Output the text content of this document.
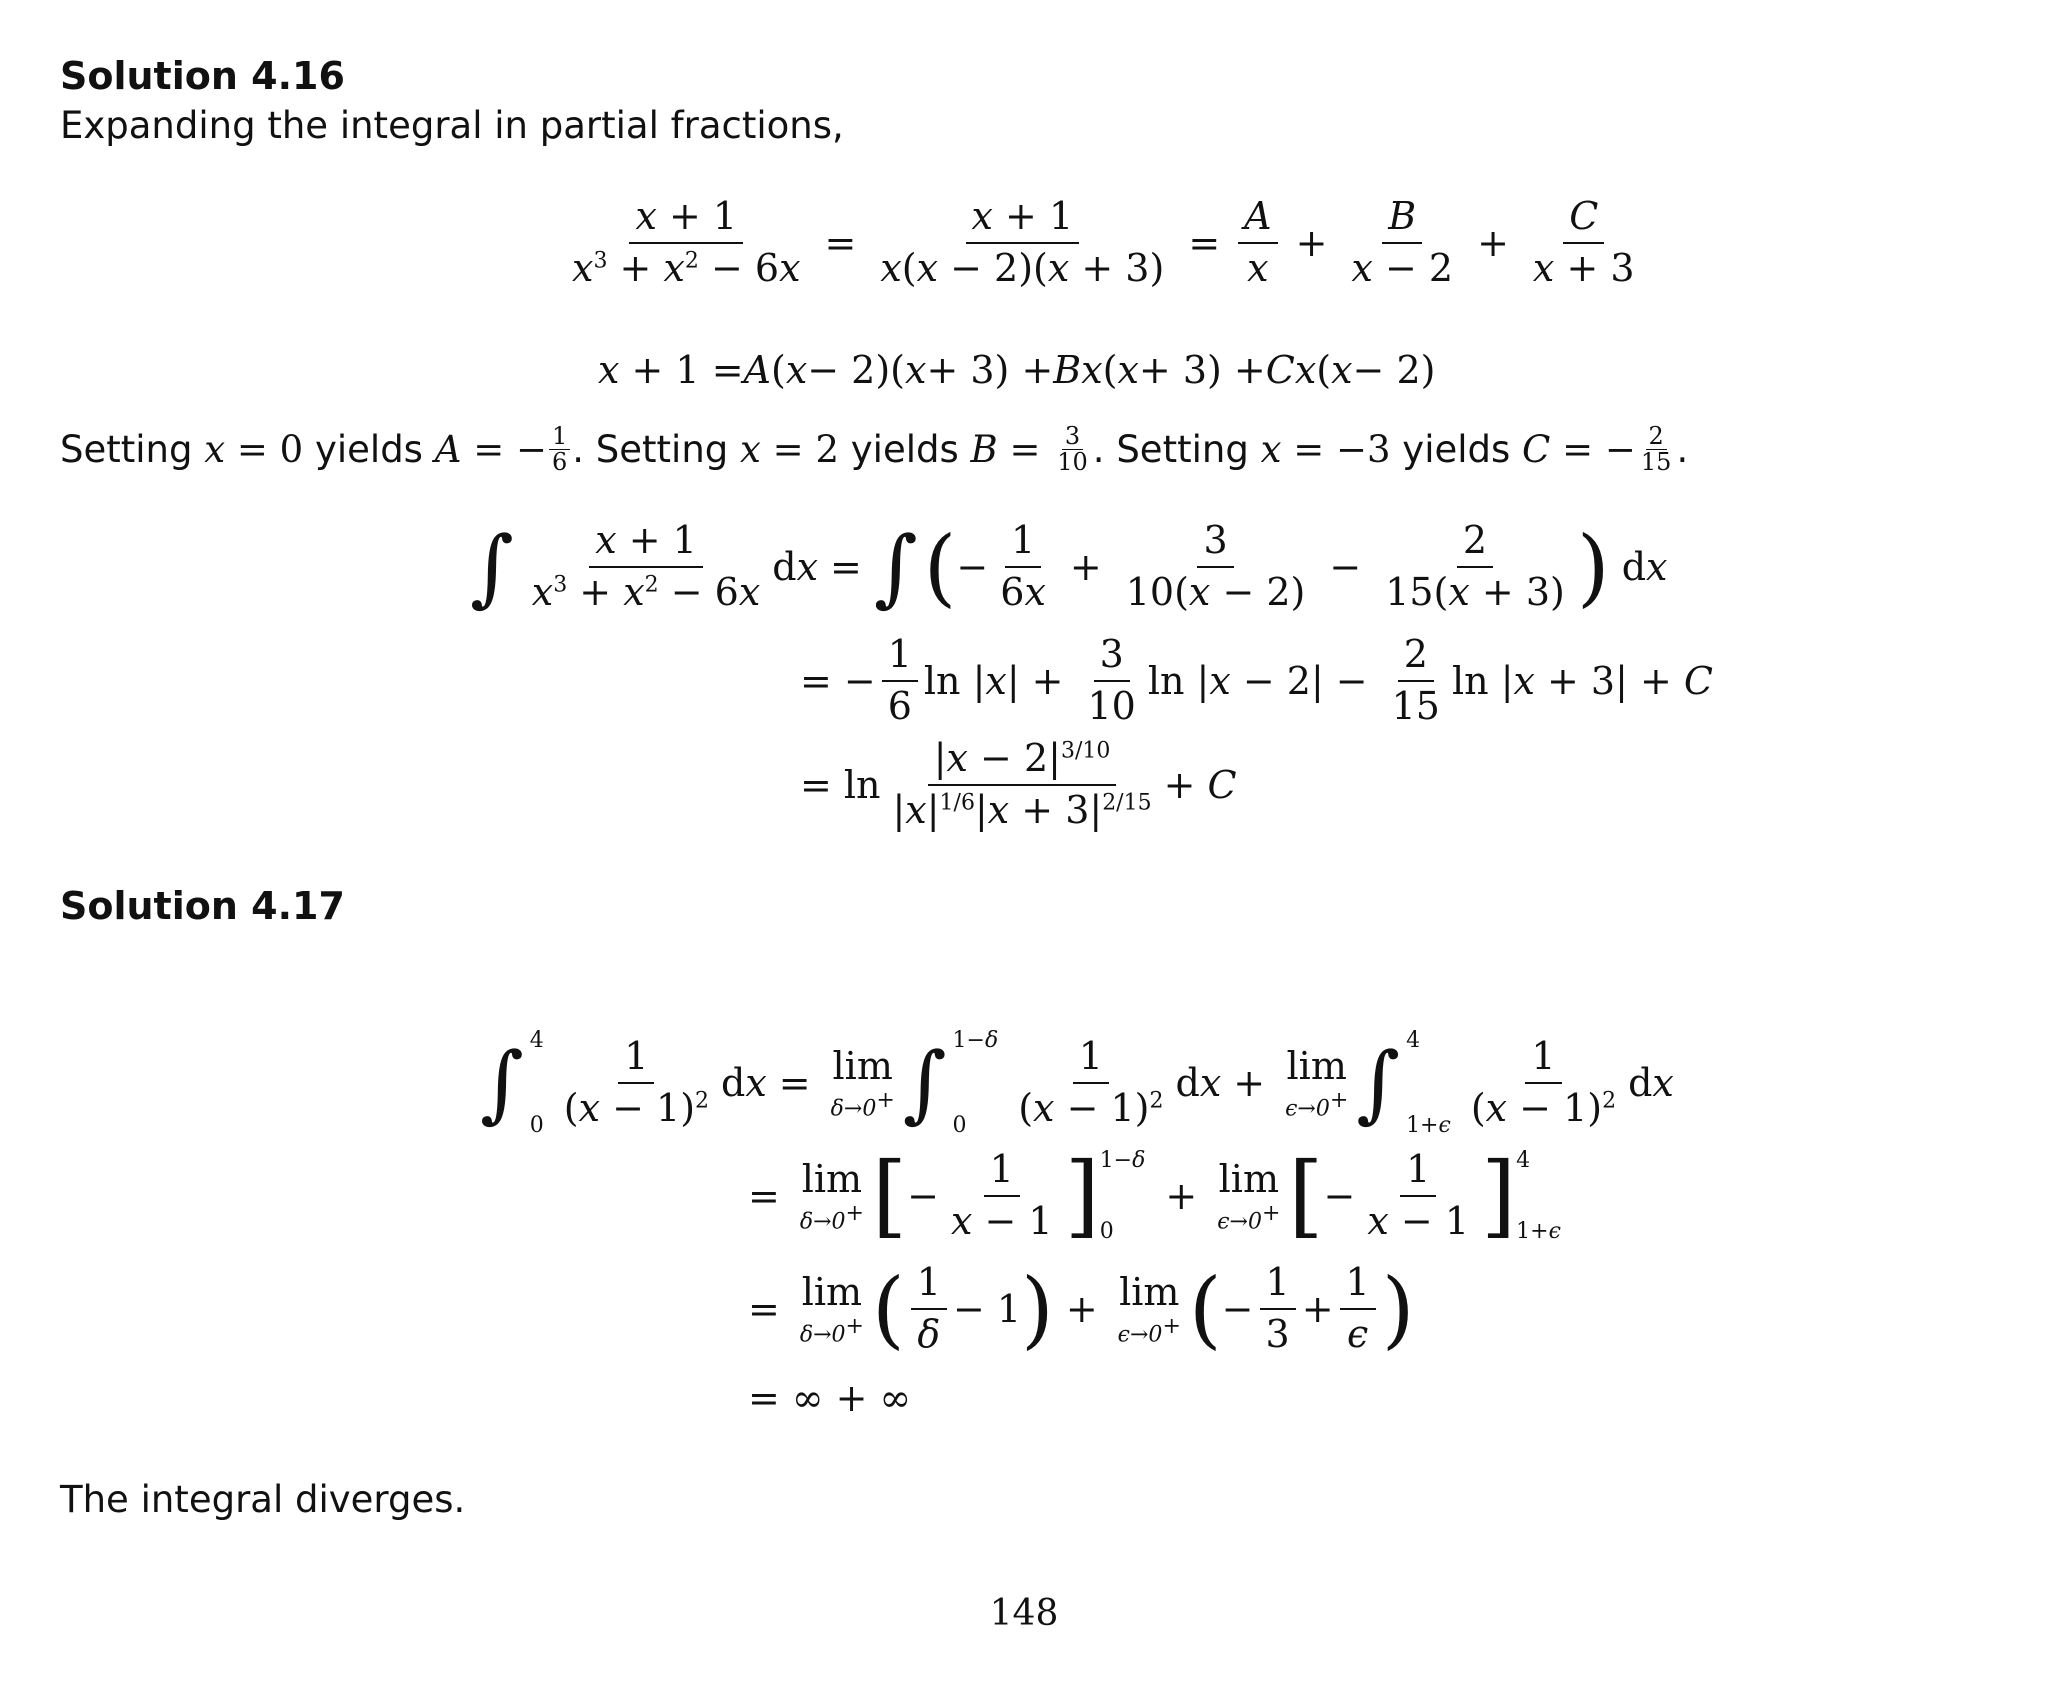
Solution 4.16
Expanding the integral in partial fractions,
$\frac{x + 1}{x^3 + x^2 - 6x} = \frac{x + 1}{x(x - 2)(x + 3)} = \frac{A}{x} + \frac{B}{x - 2} + \frac{C}{x + 3}$
x + 1 = A ( x − 2)( x + 3) + Bx ( x + 3) + Cx ( x − 2)
Setting
x = 0
yields
A = − $\frac{1}{6}$ . Setting
x = 2
yields
B =
$\frac{3}{10}$ . Setting
x = −3
yields
C = − $\frac{2}{15}$ .
∫ $\frac{x + 1}{x^3 + x^2 - 6x}$ dx = ∫ ( − $\frac{1}{6x} + \frac{3}{10(x - 2)} - \frac{2}{15(x + 3)}$ ) dx
= − $\frac{1}{6}$ $\ln |x| + \frac{3}{10}$ $\ln |x - 2| - \frac{2}{15}$ ln |x + 3| + C
= $\ln \frac{|x - 2|^{3/10}}{|x|^{1/6}|x + 3|^{2/15}} + C$
Solution 4.17
∫ 4
$0 \frac{1}{(x - 1)^2}$ dx = lim
δ→0+ ∫ 1−δ
0	$\frac{1}{(x - 1)^2}$ dx + lim
ϵ→0+ ∫ 4
$1+\epsilon \frac{1}{(x - 1)^2}$ dx
= lim
δ→0+ [ − $\frac{1}{x - 1}$ ] 1−δ
0
+ lim
ϵ→0+ [ − $\frac{1}{x - 1}$ ] 4
1+ϵ
= lim
δ→0+ ( $\frac{1}{\delta} - 1$ ) + lim
ϵ→0+ ( − $\frac{1}{3} + \frac{1}{\epsilon}$ )
= ∞ + ∞
The integral diverges.
148
